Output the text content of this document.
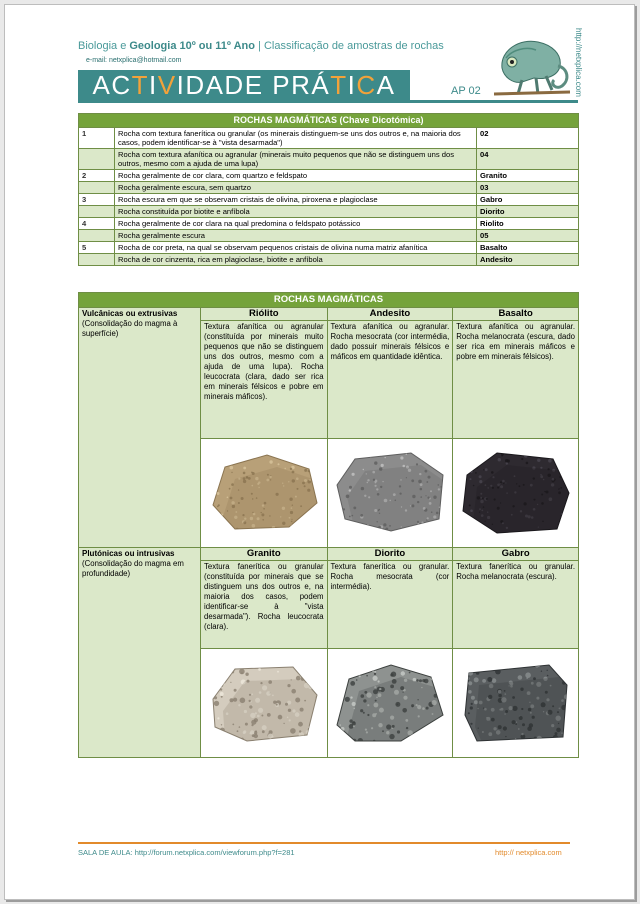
Biologia e Geologia 10º ou 11º Ano | Classificação de amostras de rochas
e-mail: netxplica@hotmail.com
ACTIVIDADE PRÁTICA	AP 02	http://netxplica.com
ROCHAS MAGMÁTICAS (Chave Dicotómica)		
1	Rocha com textura fanerítica ou granular (os minerais distinguem-se uns dos outros e, na maioria dos casos, podem identificar-se à "vista desarmada")	02
	Rocha com textura afanítica ou agranular (minerais muito pequenos que não se distinguem uns dos outros, mesmo com a ajuda de uma lupa)	04
2	Rocha geralmente de cor clara, com quartzo e feldspato	Granito
	Rocha geralmente escura, sem quartzo	03
3	Rocha escura em que se observam cristais de olivina, piroxena e plagioclase	Gabro
	Rocha constituída por biotite e anfíbola	Diorito
4	Rocha geralmente de cor clara na qual predomina o feldspato potássico	Riolito
	Rocha geralmente escura	05
5	Rocha de cor preta, na qual se observam pequenos cristais de olivina numa matriz afanítica	Basalto
	Rocha de cor cinzenta, rica em plagioclase, biotite e anfíbola	Andesito
ROCHAS MAGMÁTICAS			
Vulcânicas ou extrusivas
(Consolidação do magma à superfície)	Riólito	Andesito	Basalto
	Textura afanítica ou agranular (constituída por minerais muito pequenos que não se distinguem uns dos outros, mesmo com a ajuda de uma lupa). Rocha leucocrata (clara, dado ser rica em minerais félsicos e pobre em minerais máficos).	Textura afanítica ou agranular. Rocha mesocrata (cor intermédia, dado possuir minerais félsicos e máficos em quantidade idêntica.	Textura afanítica ou agranular. Rocha melanocrata (escura, dado ser rica em minerais máficos e pobre em minerais félsicos).

Plutónicas ou intrusivas
(Consolidação do magma em profundidade)	Granito	Diorito	Gabro
	Textura fanerítica ou granular (constituída por minerais que se distinguem uns dos outros e, na maioria dos casos, podem identificar-se à "vista desarmada"). Rocha leucocrata (clara).	Textura fanerítica ou granular. Rocha mesocrata (cor intermédia).	Textura fanerítica ou granular. Rocha melanocrata (escura).

SALA DE AULA: http://forum.netxplica.com/viewforum.php?f=281	http:// netxplica.com
